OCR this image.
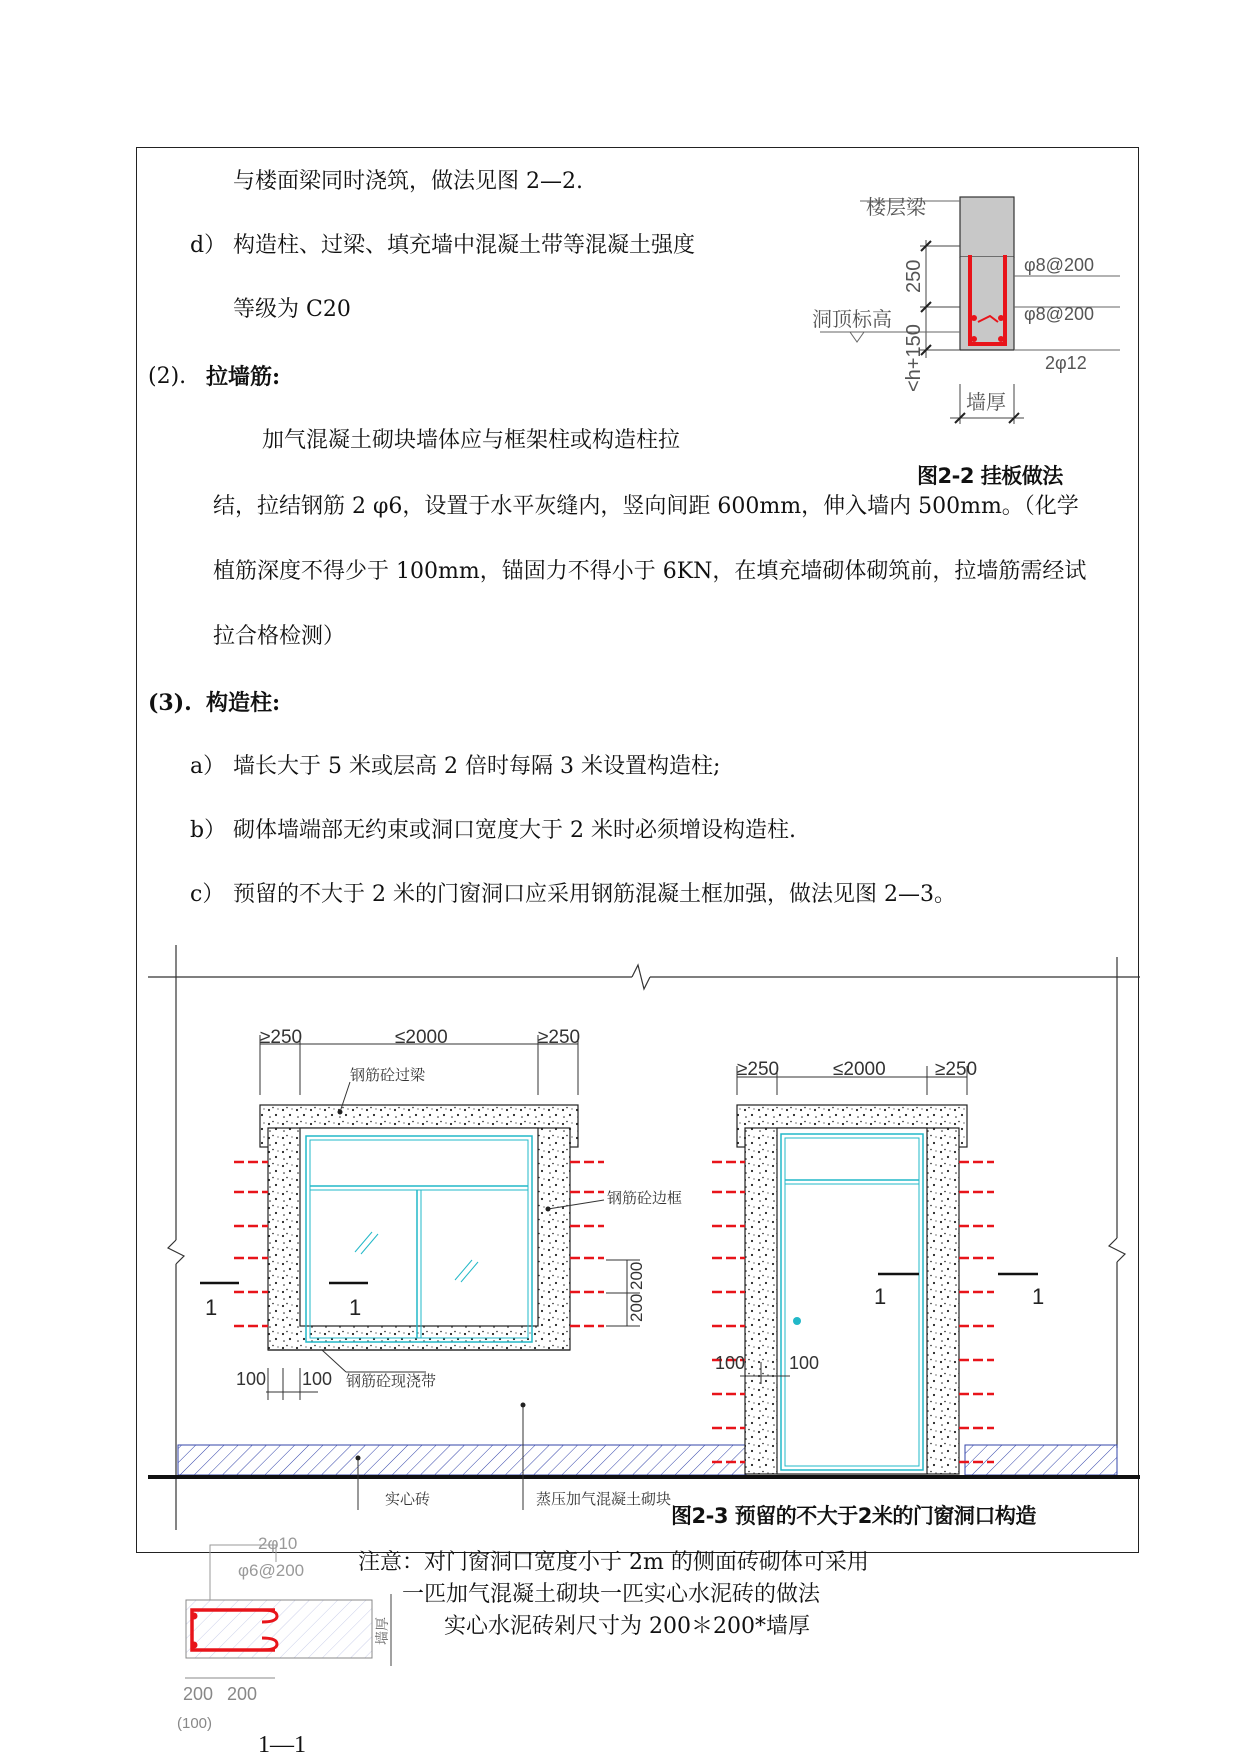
与楼面梁同时浇筑，做法见图 2—2.
d） 构造柱、过梁、填充墙中混凝土带等混凝土强度
等级为 C20
(2). 拉墙筋:
加气混凝土砌块墙体应与框架柱或构造柱拉
结，拉结钢筋 2 φ6，设置于水平灰缝内，竖向间距 600mm，伸入墙内 500mm。（化学
植筋深度不得少于 100mm，锚固力不得小于 6KN，在填充墙砌体砌筑前，拉墙筋需经试
拉合格检测）
(3). 构造柱:
a） 墙长大于 5 米或层高 2 倍时每隔 3 米设置构造柱;
b） 砌体墙端部无约束或洞口宽度大于 2 米时必须增设构造柱.
c） 预留的不大于 2 米的门窗洞口应采用钢筋混凝土框加强，做法见图 2—3。
楼层梁
洞顶标高
墙厚
φ8@200
φ8@200
2φ12
250
<h+150
图2-2 挂板做法
≥250	≤2000	≥250
≥250	≤2000	≥250
钢筋砼过梁
钢筋砼边框
钢筋砼现浇带
实心砖	蒸压加气混凝土砌块
200
200
100 100
100 100
1	1	1	1
2φ10
φ6@200
墙厚
200 200
(100)
图2-3 预留的不大于2米的门窗洞口构造
注意：对门窗洞口宽度小于 2m 的侧面砖砌体可采用
一匹加气混凝土砌块一匹实心水泥砖的做法
实心水泥砖剁尺寸为 200＊200*墙厚
1—1
